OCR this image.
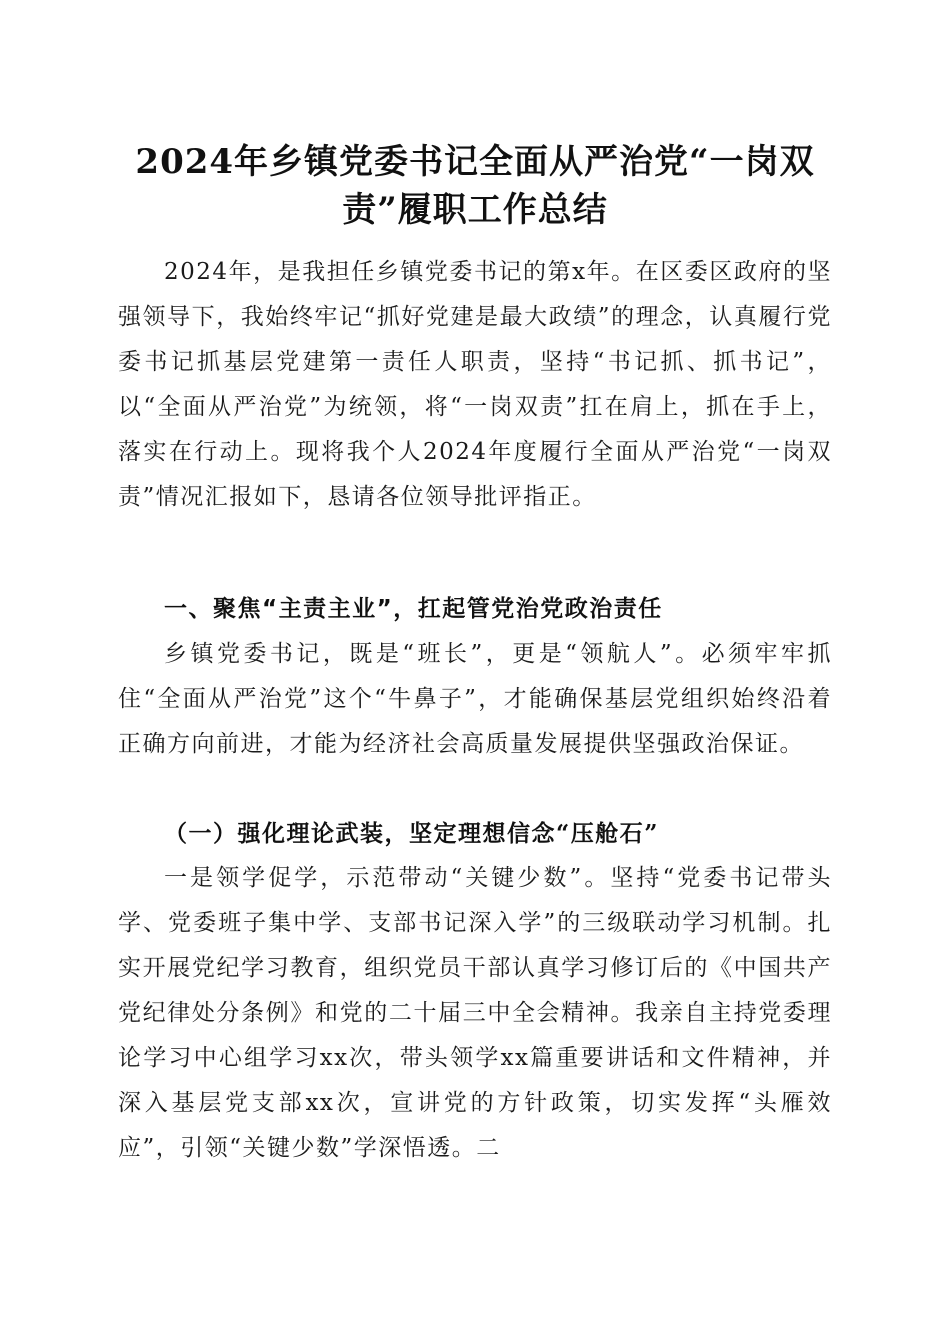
2024年乡镇党委书记全面从严治党“一岗双责”履职工作总结

2024年，是我担任乡镇党委书记的第x年。在区委区政府的坚强领导下，我始终牢记“抓好党建是最大政绩”的理念，认真履行党委书记抓基层党建第一责任人职责，坚持“书记抓、抓书记”，以“全面从严治党”为统领，将“一岗双责”扛在肩上，抓在手上，落实在行动上。现将我个人2024年度履行全面从严治党“一岗双责”情况汇报如下，恳请各位领导批评指正。

一、聚焦“主责主业”，扛起管党治党政治责任

乡镇党委书记，既是“班长”，更是“领航人”。必须牢牢抓住“全面从严治党”这个“牛鼻子”，才能确保基层党组织始终沿着正确方向前进，才能为经济社会高质量发展提供坚强政治保证。

（一）强化理论武装，坚定理想信念“压舱石”

一是领学促学，示范带动“关键少数”。坚持“党委书记带头学、党委班子集中学、支部书记深入学”的三级联动学习机制。扎实开展党纪学习教育，组织党员干部认真学习修订后的《中国共产党纪律处分条例》和党的二十届三中全会精神。我亲自主持党委理论学习中心组学习xx次，带头领学xx篇重要讲话和文件精神，并深入基层党支部xx次，宣讲党的方针政策，切实发挥“头雁效应”，引领“关键少数”学深悟透。二
